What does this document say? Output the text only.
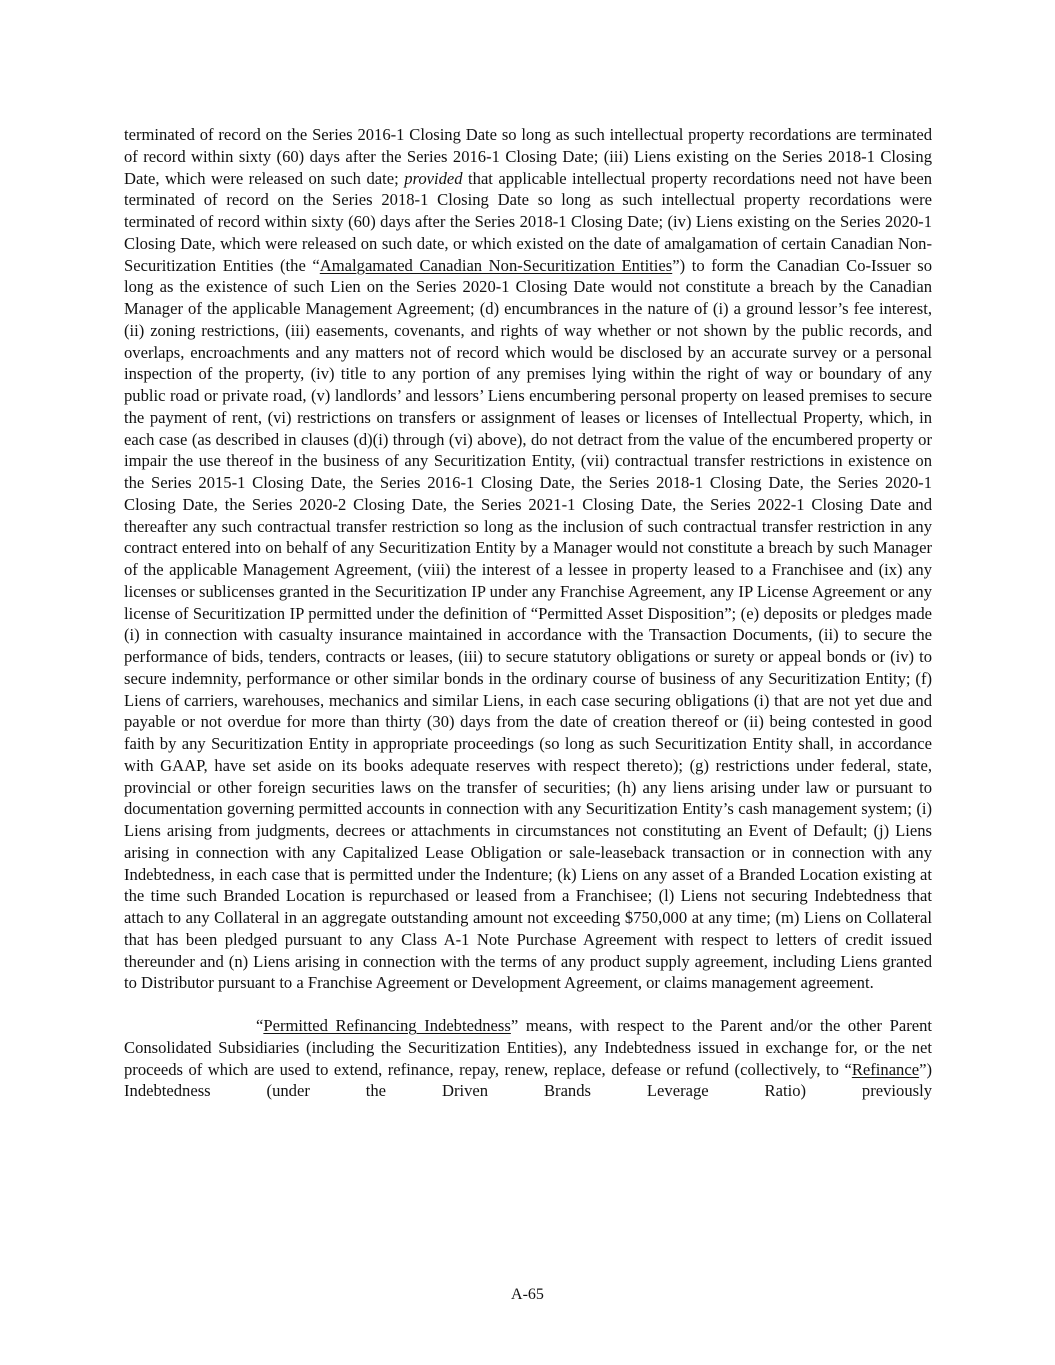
terminated of record on the Series 2016-1 Closing Date so long as such intellectual property recordations are terminated of record within sixty (60) days after the Series 2016-1 Closing Date; (iii) Liens existing on the Series 2018-1 Closing Date, which were released on such date; provided that applicable intellectual property recordations need not have been terminated of record on the Series 2018-1 Closing Date so long as such intellectual property recordations were terminated of record within sixty (60) days after the Series 2018-1 Closing Date; (iv) Liens existing on the Series 2020-1 Closing Date, which were released on such date, or which existed on the date of amalgamation of certain Canadian Non-Securitization Entities (the “Amalgamated Canadian Non-Securitization Entities”) to form the Canadian Co-Issuer so long as the existence of such Lien on the Series 2020-1 Closing Date would not constitute a breach by the Canadian Manager of the applicable Management Agreement; (d) encumbrances in the nature of (i) a ground lessor’s fee interest, (ii) zoning restrictions, (iii) easements, covenants, and rights of way whether or not shown by the public records, and overlaps, encroachments and any matters not of record which would be disclosed by an accurate survey or a personal inspection of the property, (iv) title to any portion of any premises lying within the right of way or boundary of any public road or private road, (v) landlords’ and lessors’ Liens encumbering personal property on leased premises to secure the payment of rent, (vi) restrictions on transfers or assignment of leases or licenses of Intellectual Property, which, in each case (as described in clauses (d)(i) through (vi) above), do not detract from the value of the encumbered property or impair the use thereof in the business of any Securitization Entity, (vii) contractual transfer restrictions in existence on the Series 2015-1 Closing Date, the Series 2016-1 Closing Date, the Series 2018-1 Closing Date, the Series 2020-1 Closing Date, the Series 2020-2 Closing Date, the Series 2021-1 Closing Date, the Series 2022-1 Closing Date and thereafter any such contractual transfer restriction so long as the inclusion of such contractual transfer restriction in any contract entered into on behalf of any Securitization Entity by a Manager would not constitute a breach by such Manager of the applicable Management Agreement, (viii) the interest of a lessee in property leased to a Franchisee and (ix) any licenses or sublicenses granted in the Securitization IP under any Franchise Agreement, any IP License Agreement or any license of Securitization IP permitted under the definition of “Permitted Asset Disposition”; (e) deposits or pledges made (i) in connection with casualty insurance maintained in accordance with the Transaction Documents, (ii) to secure the performance of bids, tenders, contracts or leases, (iii) to secure statutory obligations or surety or appeal bonds or (iv) to secure indemnity, performance or other similar bonds in the ordinary course of business of any Securitization Entity; (f) Liens of carriers, warehouses, mechanics and similar Liens, in each case securing obligations (i) that are not yet due and payable or not overdue for more than thirty (30) days from the date of creation thereof or (ii) being contested in good faith by any Securitization Entity in appropriate proceedings (so long as such Securitization Entity shall, in accordance with GAAP, have set aside on its books adequate reserves with respect thereto); (g) restrictions under federal, state, provincial or other foreign securities laws on the transfer of securities; (h) any liens arising under law or pursuant to documentation governing permitted accounts in connection with any Securitization Entity’s cash management system; (i) Liens arising from judgments, decrees or attachments in circumstances not constituting an Event of Default; (j) Liens arising in connection with any Capitalized Lease Obligation or sale-leaseback transaction or in connection with any Indebtedness, in each case that is permitted under the Indenture; (k) Liens on any asset of a Branded Location existing at the time such Branded Location is repurchased or leased from a Franchisee; (l) Liens not securing Indebtedness that attach to any Collateral in an aggregate outstanding amount not exceeding $750,000 at any time; (m) Liens on Collateral that has been pledged pursuant to any Class A-1 Note Purchase Agreement with respect to letters of credit issued thereunder and (n) Liens arising in connection with the terms of any product supply agreement, including Liens granted to Distributor pursuant to a Franchise Agreement or Development Agreement, or claims management agreement.

“Permitted Refinancing Indebtedness” means, with respect to the Parent and/or the other Parent Consolidated Subsidiaries (including the Securitization Entities), any Indebtedness issued in exchange for, or the net proceeds of which are used to extend, refinance, repay, renew, replace, defease or refund (collectively, to “Refinance”) Indebtedness (under the Driven Brands Leverage Ratio) previously

A-65
